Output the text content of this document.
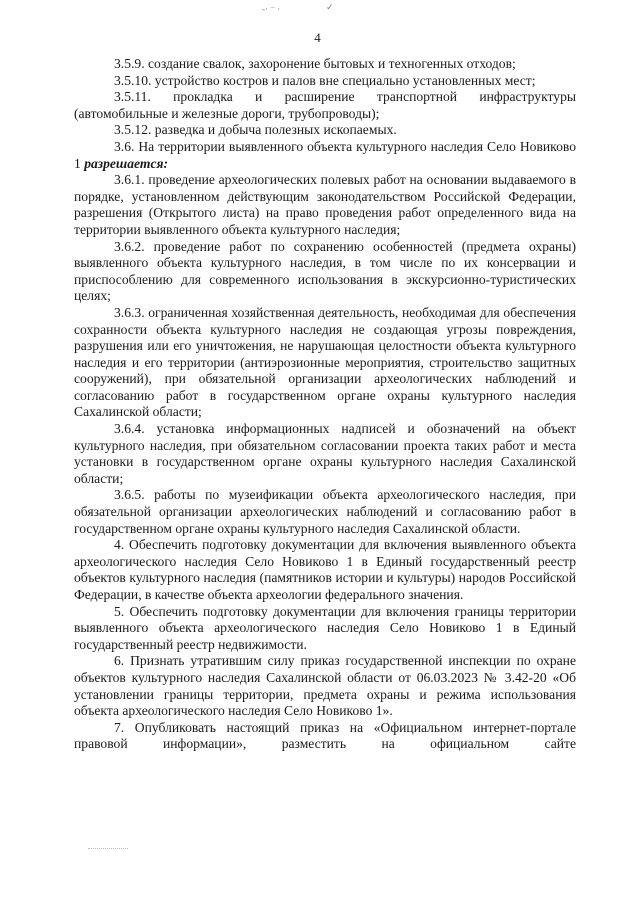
-· ⁻ ·	✓
4

3.5.9. создание свалок, захоронение бытовых и техногенных отходов;

3.5.10. устройство костров и палов вне специально установленных мест;

3.5.11. прокладка и расширение транспортной инфраструктуры (автомобильные и железные дороги, трубопроводы);

3.5.12. разведка и добыча полезных ископаемых.

3.6. На территории выявленного объекта культурного наследия Село Новиково 1 разрешается:

3.6.1. проведение археологических полевых работ на основании выдаваемого в порядке, установленном действующим законодательством Российской Федерации, разрешения (Открытого листа) на право проведения работ определенного вида на территории выявленного объекта культурного наследия;

3.6.2. проведение работ по сохранению особенностей (предмета охраны) выявленного объекта культурного наследия, в том числе по их консервации и приспособлению для современного использования в экскурсионно-туристических целях;

3.6.3. ограниченная хозяйственная деятельность, необходимая для обеспечения сохранности объекта культурного наследия не создающая угрозы повреждения, разрушения или его уничтожения, не нарушающая целостности объекта культурного наследия и его территории (антиэрозионные мероприятия, строительство защитных сооружений), при обязательной организации археологических наблюдений и согласованию работ в государственном органе охраны культурного наследия Сахалинской области;

3.6.4. установка информационных надписей и обозначений на объект культурного наследия, при обязательном согласовании проекта таких работ и места установки в государственном органе охраны культурного наследия Сахалинской области;

3.6.5. работы по музеификации объекта археологического наследия, при обязательной организации археологических наблюдений и согласованию работ в государственном органе охраны культурного наследия Сахалинской области.

4. Обеспечить подготовку документации для включения выявленного объекта археологического наследия Село Новиково 1 в Единый государственный реестр объектов культурного наследия (памятников истории и культуры) народов Российской Федерации, в качестве объекта археологии федерального значения.

5. Обеспечить подготовку документации для включения границы территории выявленного объекта археологического наследия Село Новиково 1 в Единый государственный реестр недвижимости.

6. Признать утратившим силу приказ государственной инспекции по охране объектов культурного наследия Сахалинской области от 06.03.2023 № 3.42-20 «Об установлении границы территории, предмета охраны и режима использования объекта археологического наследия Село Новиково 1».

7. Опубликовать настоящий приказ на «Официальном интернет-портале правовой информации», разместить на официальном сайте
